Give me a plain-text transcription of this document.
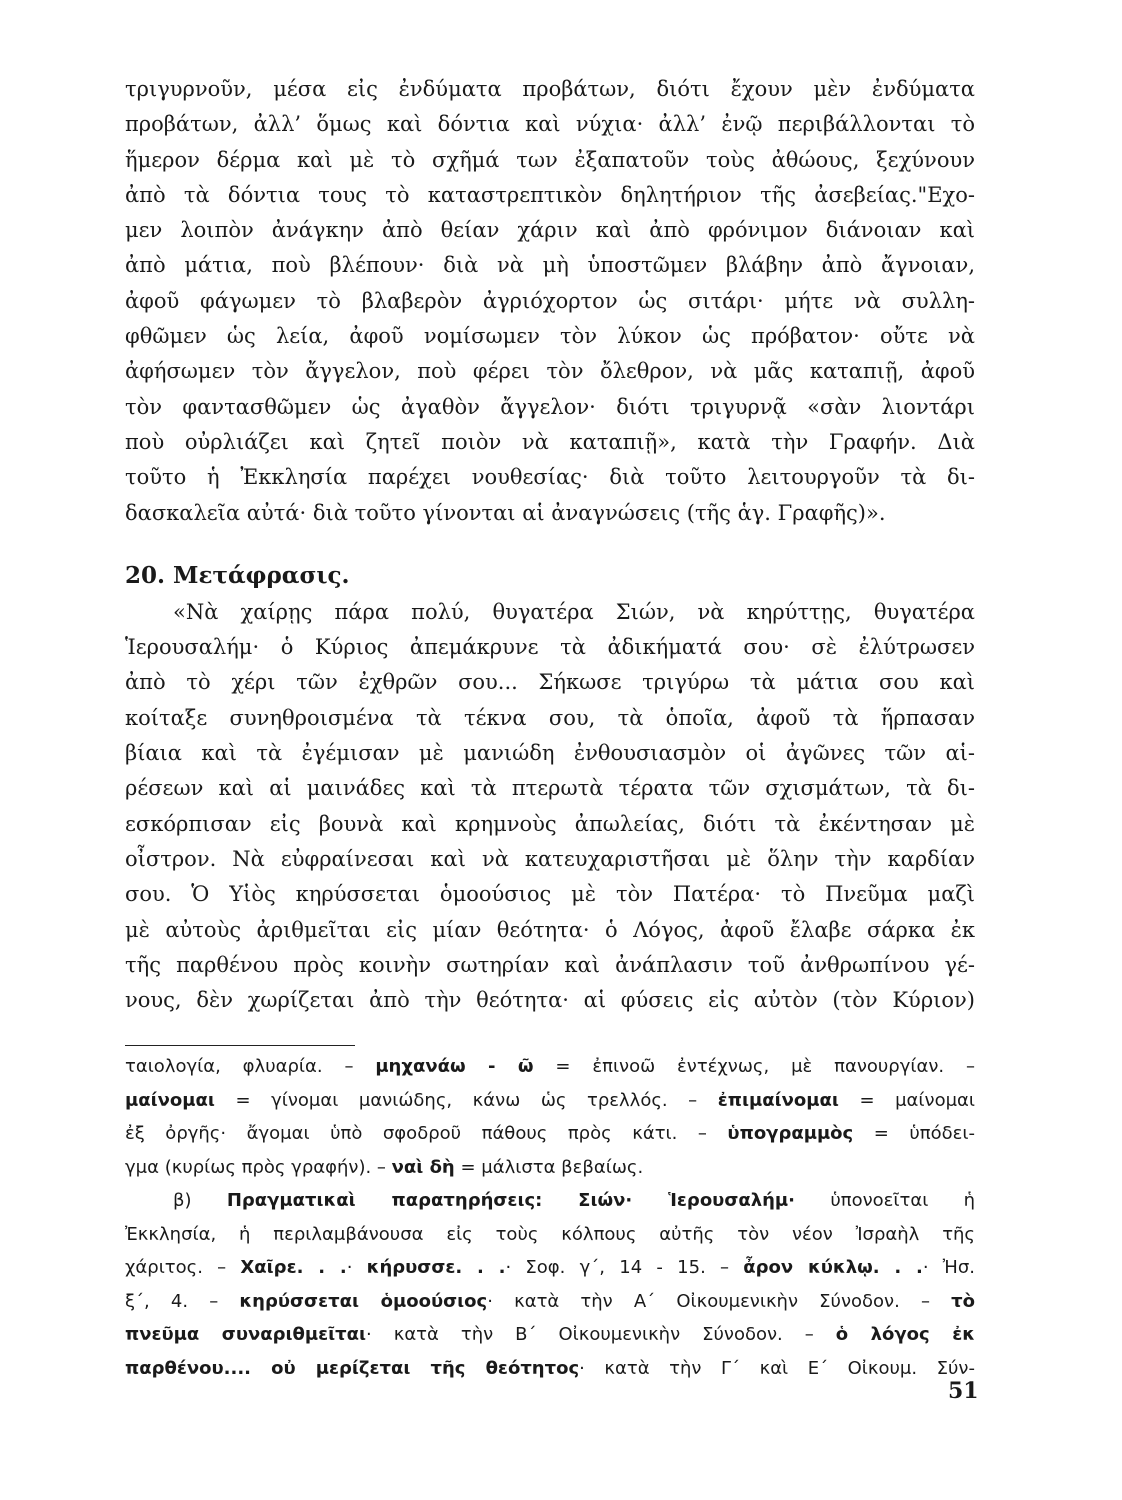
τριγυρνοῦν, μέσα εἰς ἐνδύματα προβάτων, διότι ἔχουν μὲν ἐνδύματα
προβάτων, ἀλλ’ ὅμως καὶ δόντια καὶ νύχια· ἀλλ’ ἐνῷ περιβάλλονται τὸ
ἥμερον δέρμα καὶ μὲ τὸ σχῆμά των ἐξαπατοῦν τοὺς ἀθώους, ξεχύνουν
ἀπὸ τὰ δόντια τους τὸ καταστρεπτικὸν δηλητήριον τῆς ἀσεβείας."Εχο-
μεν λοιπὸν ἀνάγκην ἀπὸ θείαν χάριν καὶ ἀπὸ φρόνιμον διάνοιαν καὶ
ἀπὸ μάτια, ποὺ βλέπουν· διὰ νὰ μὴ ὑποστῶμεν βλάβην ἀπὸ ἄγνοιαν,
ἀφοῦ φάγωμεν τὸ βλαβερὸν ἀγριόχορτον ὡς σιτάρι· μήτε νὰ συλλη-
φθῶμεν ὡς λεία, ἀφοῦ νομίσωμεν τὸν λύκον ὡς πρόβατον· οὔτε νὰ
ἀφήσωμεν τὸν ἄγγελον, ποὺ φέρει τὸν ὄλεθρον, νὰ μᾶς καταπιῇ, ἀφοῦ
τὸν φαντασθῶμεν ὡς ἀγαθὸν ἄγγελον· διότι τριγυρνᾷ «σὰν λιοντάρι
ποὺ οὐρλιάζει καὶ ζητεῖ ποιὸν νὰ καταπιῇ», κατὰ τὴν Γραφήν. Διὰ
τοῦτο ἡ Ἐκκλησία παρέχει νουθεσίας· διὰ τοῦτο λειτουργοῦν τὰ δι-
δασκαλεῖα αὐτά· διὰ τοῦτο γίνονται αἱ ἀναγνώσεις (τῆς ἁγ. Γραφῆς)».
20. Μετάφρασις.
«Νὰ χαίρῃς πάρα πολύ, θυγατέρα Σιών, νὰ κηρύττῃς, θυγατέρα
Ἱερουσαλήμ· ὁ Κύριος ἀπεμάκρυνε τὰ ἀδικήματά σου· σὲ ἐλύτρωσεν
ἀπὸ τὸ χέρι τῶν ἐχθρῶν σου... Σήκωσε τριγύρω τὰ μάτια σου καὶ
κοίταξε συνηθροισμένα τὰ τέκνα σου, τὰ ὁποῖα, ἀφοῦ τὰ ἥρπασαν
βίαια καὶ τὰ ἐγέμισαν μὲ μανιώδη ἐνθουσιασμὸν οἱ ἀγῶνες τῶν αἱ-
ρέσεων καὶ αἱ μαινάδες καὶ τὰ πτερωτὰ τέρατα τῶν σχισμάτων, τὰ δι-
εσκόρπισαν εἰς βουνὰ καὶ κρημνοὺς ἀπωλείας, διότι τὰ ἐκέντησαν μὲ
οἶστρον. Νὰ εὐφραίνεσαι καὶ νὰ κατευχαριστῆσαι μὲ ὅλην τὴν καρδίαν
σου. Ὁ Υἱὸς κηρύσσεται ὁμοούσιος μὲ τὸν Πατέρα· τὸ Πνεῦμα μαζὶ
μὲ αὐτοὺς ἀριθμεῖται εἰς μίαν θεότητα· ὁ Λόγος, ἀφοῦ ἔλαβε σάρκα ἐκ
τῆς παρθένου πρὸς κοινὴν σωτηρίαν καὶ ἀνάπλασιν τοῦ ἀνθρωπίνου γέ-
νους, δὲν χωρίζεται ἀπὸ τὴν θεότητα· αἱ φύσεις εἰς αὐτὸν (τὸν Κύριον)
ταιολογία, φλυαρία. – μηχανάω - ῶ = ἐπινοῶ ἐντέχνως, μὲ πανουργίαν. –
μαίνομαι = γίνομαι μανιώδης, κάνω ὡς τρελλός. – ἐπιμαίνομαι = μαίνομαι
ἐξ ὀργῆς· ἄγομαι ὑπὸ σφοδροῦ πάθους πρὸς κάτι. – ὑπογραμμὸς = ὑπόδει-
γμα (κυρίως πρὸς γραφήν). – ναὶ δὴ = μάλιστα βεβαίως.
β) Πραγματικαὶ παρατηρήσεις: Σιών· Ἱερουσαλήμ· ὑπονοεῖται ἡ
Ἐκκλησία, ἡ περιλαμβάνουσα εἰς τοὺς κόλπους αὐτῆς τὸν νέον Ἰσραὴλ τῆς
χάριτος. – Χαῖρε. . .· κήρυσσε. . .· Σοφ. γ΄, 14 - 15. – ἆρον κύκλῳ. . .· Ἠσ.
ξ΄, 4. – κηρύσσεται ὁμοούσιος· κατὰ τὴν Α΄ Οἰκουμενικὴν Σύνοδον. – τὸ
πνεῦμα συναριθμεῖται· κατὰ τὴν Β΄ Οἰκουμενικὴν Σύνοδον. – ὁ λόγος ἐκ
παρθένου.... οὐ μερίζεται τῆς θεότητος· κατὰ τὴν Γ΄ καὶ Ε΄ Οἰκουμ. Σύν-
51
